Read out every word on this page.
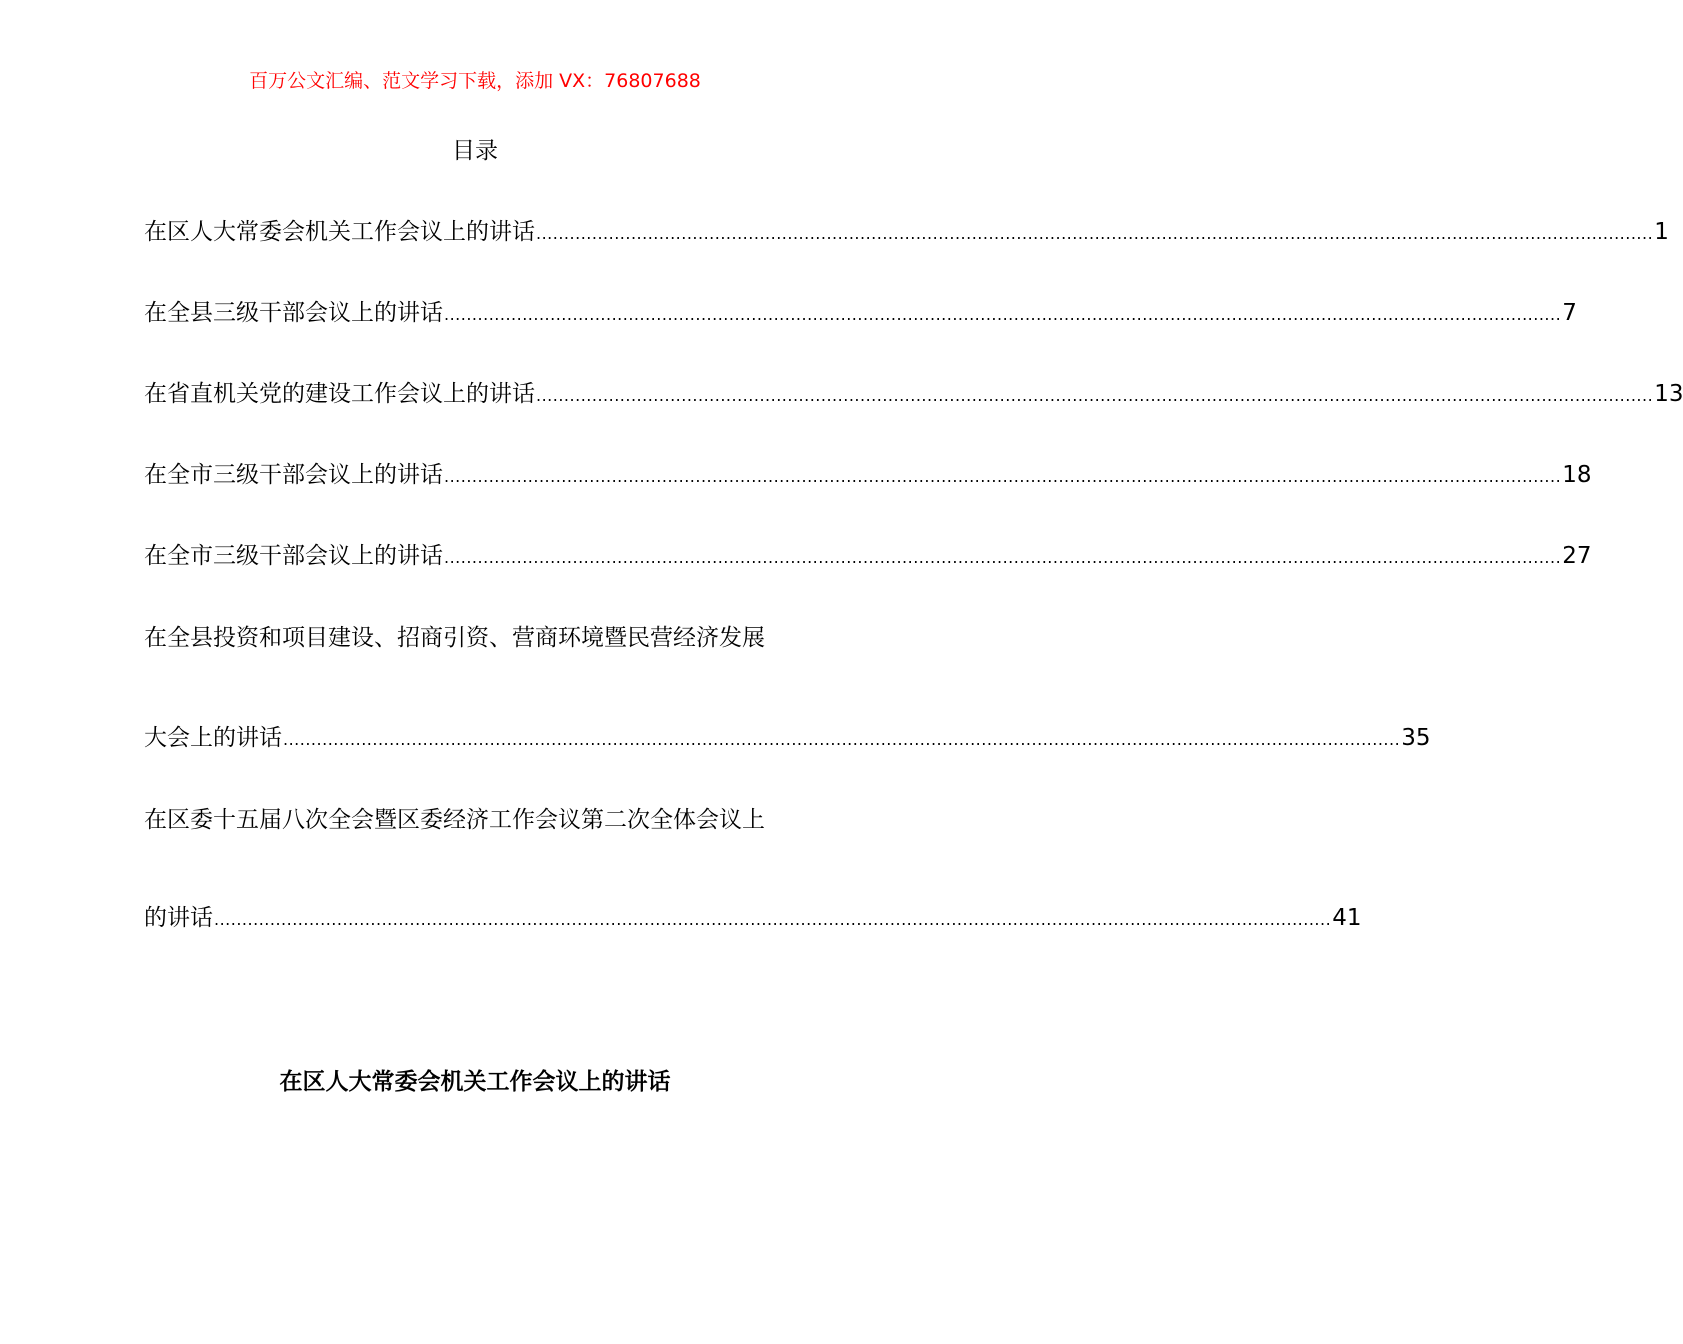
百万公文汇编、范文学习下载，添加 VX：76807688
目录
在区人大常委会机关工作会议上的讲话 ........................................................................................................................................................................................................ 1
在全县三级干部会议上的讲话 ........................................................................................................................................................................................................ 7
在省直机关党的建设工作会议上的讲话 ........................................................................................................................................................................................................ 13
在全市三级干部会议上的讲话 ........................................................................................................................................................................................................ 18
在全市三级干部会议上的讲话 ........................................................................................................................................................................................................ 27
在全县投资和项目建设、招商引资、营商环境暨民营经济发展
大会上的讲话 ........................................................................................................................................................................................................ 35
在区委十五届八次全会暨区委经济工作会议第二次全体会议上
的讲话 ........................................................................................................................................................................................................ 41
在区人大常委会机关工作会议上的讲话
